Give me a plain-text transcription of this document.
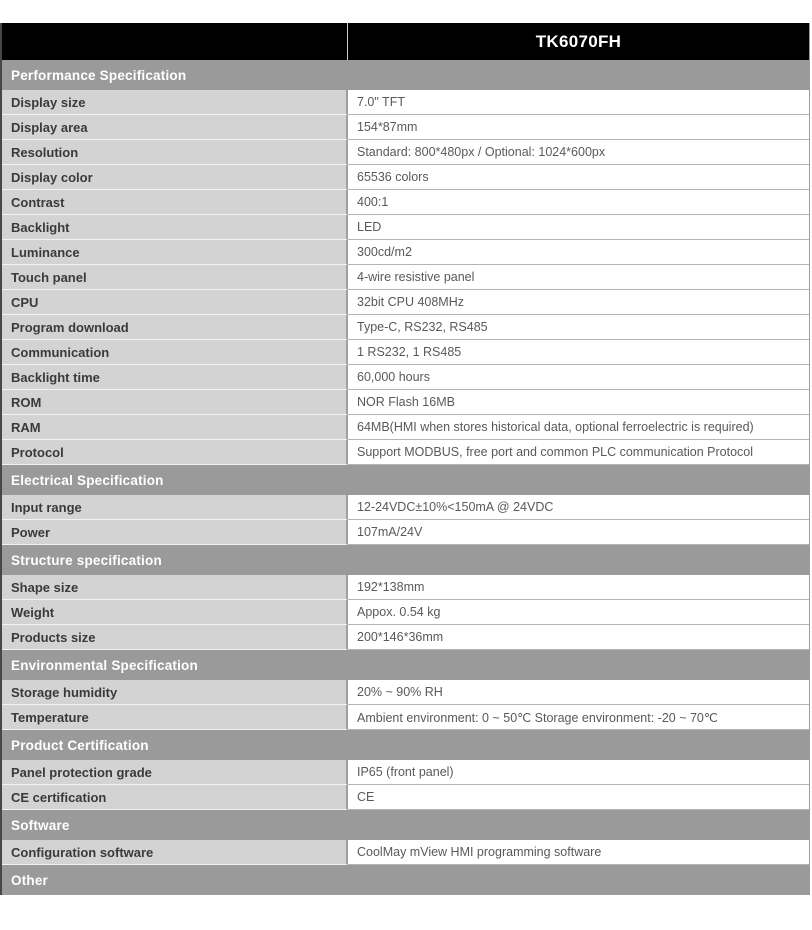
TK6070FH
Performance Specification
Display size	7.0" TFT
Display area	154*87mm
Resolution	Standard: 800*480px / Optional: 1024*600px
Display color	65536 colors
Contrast	400:1
Backlight	LED
Luminance	300cd/m2
Touch panel	4-wire resistive panel
CPU	32bit CPU 408MHz
Program download	Type-C, RS232, RS485
Communication	1 RS232, 1 RS485
Backlight time	60,000 hours
ROM	NOR Flash 16MB
RAM	64MB(HMI when stores historical data, optional ferroelectric is required)
Protocol	Support MODBUS, free port and common PLC communication Protocol
Electrical Specification
Input range	12-24VDC±10%<150mA @ 24VDC
Power	107mA/24V
Structure specification
Shape size	192*138mm
Weight	Appox. 0.54 kg
Products size	200*146*36mm
Environmental Specification
Storage humidity	20% ~ 90% RH
Temperature	Ambient environment: 0 ~ 50℃ Storage environment: -20 ~ 70℃
Product Certification
Panel protection grade	IP65 (front panel)
CE certification	CE
Software
Configuration software	CoolMay mView HMI programming software
Other
